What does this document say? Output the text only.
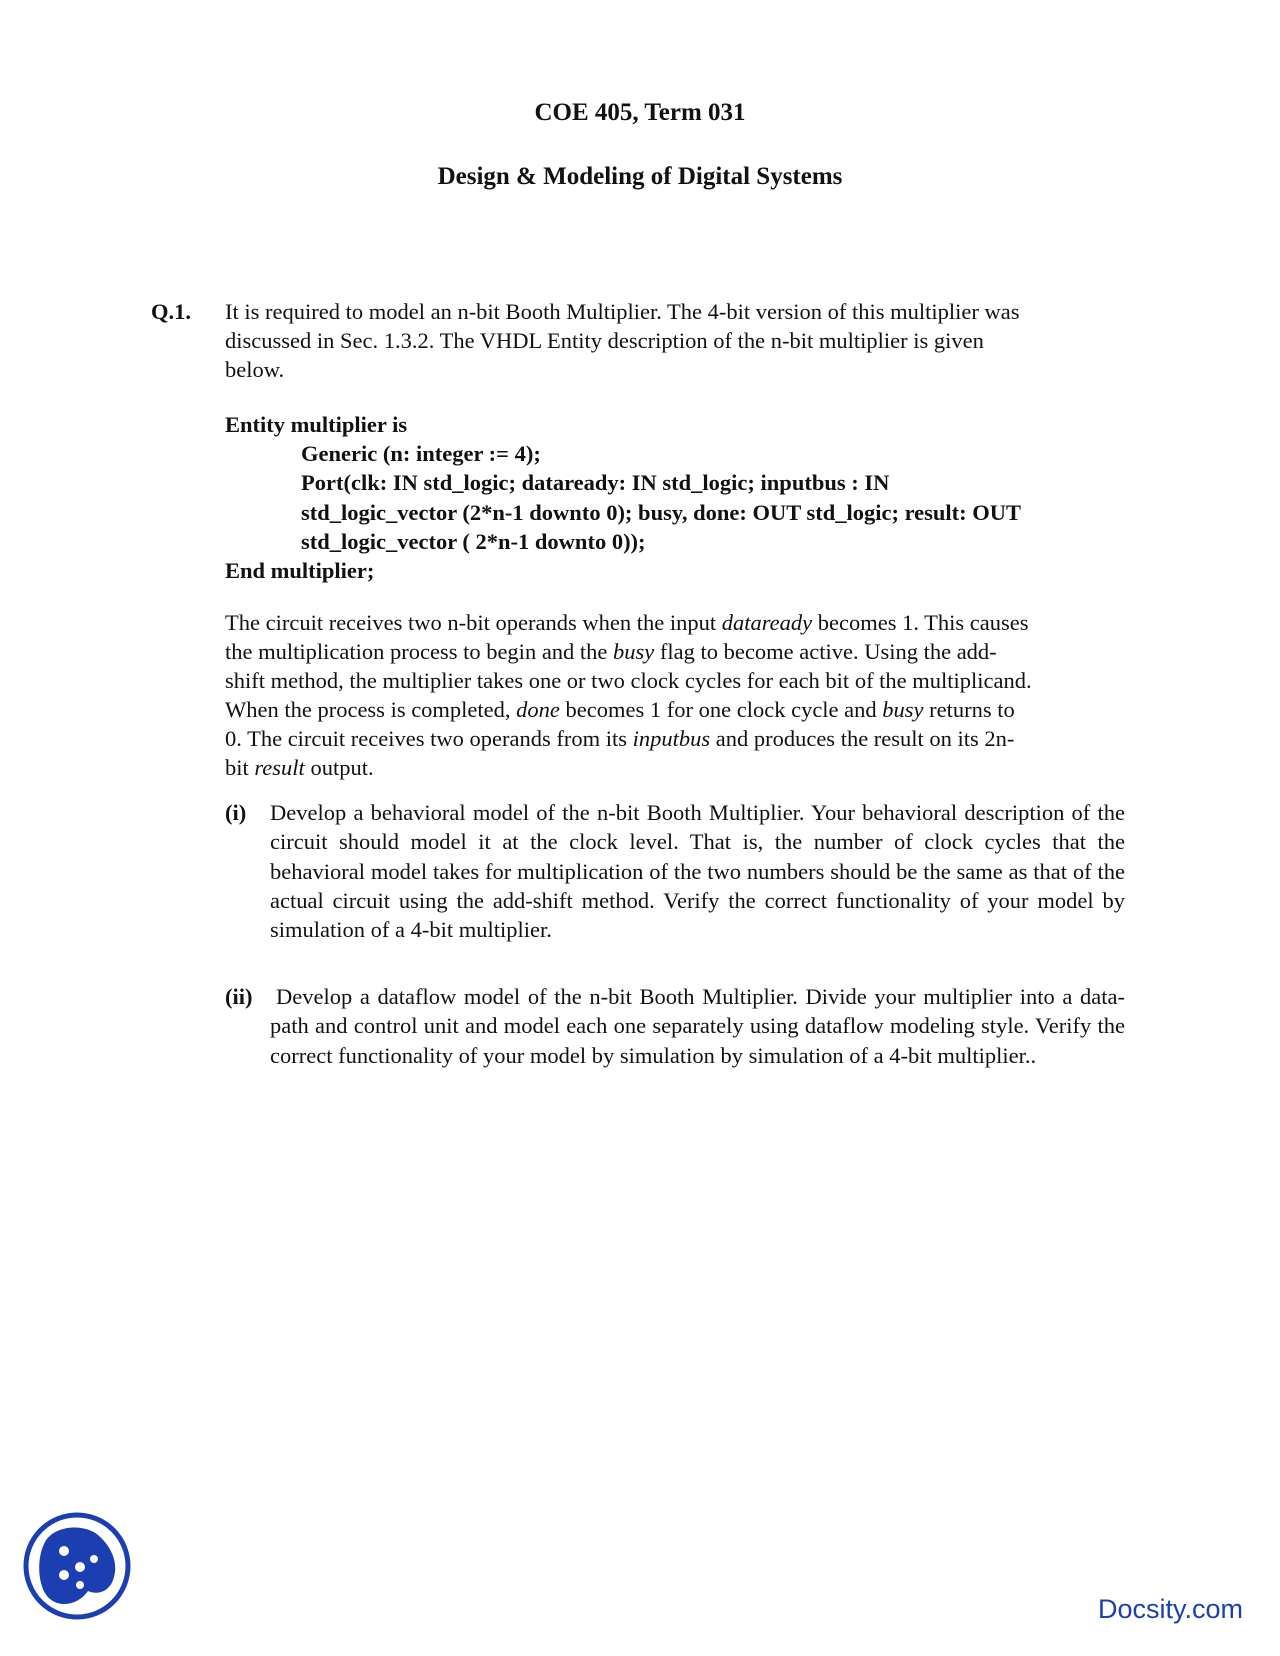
COE 405, Term 031
Design & Modeling of Digital Systems
Q.1. It is required to model an n-bit Booth Multiplier. The 4-bit version of this multiplier was
discussed in Sec. 1.3.2. The VHDL Entity description of the n-bit multiplier is given
below.
Entity multiplier is
Generic (n: integer := 4);
Port(clk: IN std_logic; dataready: IN std_logic; inputbus : IN
std_logic_vector (2*n-1 downto 0); busy, done: OUT std_logic; result: OUT
std_logic_vector ( 2*n-1 downto 0));
End multiplier;
The circuit receives two n-bit operands when the input dataready becomes 1. This causes
the multiplication process to begin and the busy flag to become active. Using the add-
shift method, the multiplier takes one or two clock cycles for each bit of the multiplicand.
When the process is completed, done becomes 1 for one clock cycle and busy returns to
0. The circuit receives two operands from its inputbus and produces the result on its 2n-
bit result output.
(i) Develop a behavioral model of the n-bit Booth Multiplier. Your behavioral description of the circuit should model it at the clock level. That is, the number of clock cycles that the behavioral model takes for multiplication of the two numbers should be the same as that of the actual circuit using the add-shift method. Verify the correct functionality of your model by simulation of a 4-bit multiplier.
(ii) Develop a dataflow model of the n-bit Booth Multiplier. Divide your multiplier into a data-path and control unit and model each one separately using dataflow modeling style. Verify the correct functionality of your model by simulation by simulation of a 4-bit multiplier..
Docsity.com
